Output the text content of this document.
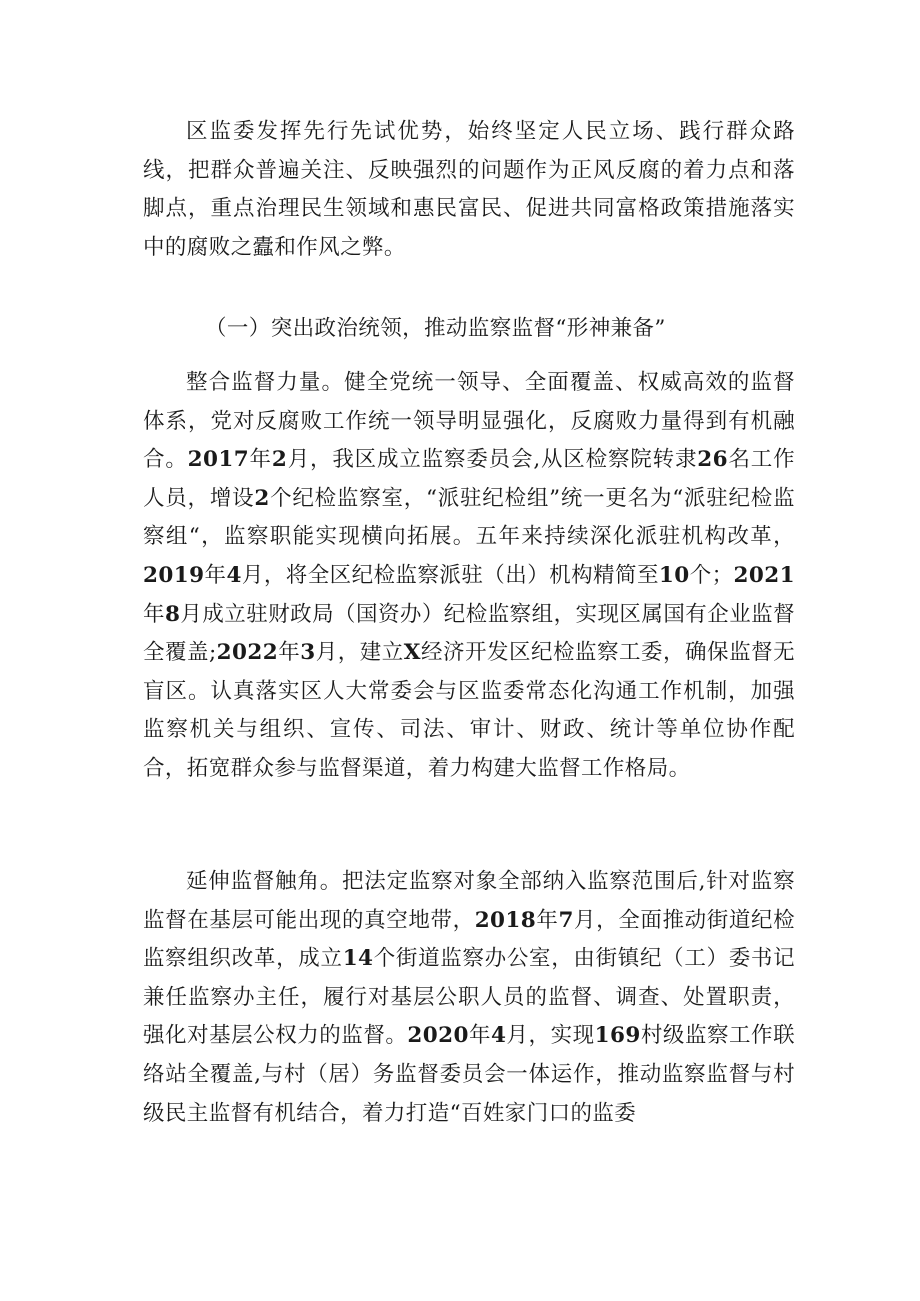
区监委发挥先行先试优势，始终坚定人民立场、践行群众路线，把群众普遍关注、反映强烈的问题作为正风反腐的着力点和落脚点，重点治理民生领域和惠民富民、促进共同富格政策措施落实中的腐败之蠹和作风之弊。

（一）突出政治统领，推动监察监督“形神兼备”

整合监督力量。健全党统一领导、全面覆盖、权威高效的监督体系，党对反腐败工作统一领导明显强化，反腐败力量得到有机融合。2017年2月，我区成立监察委员会,从区检察院转隶26名工作人员，增设2个纪检监察室，“派驻纪检组”统一更名为“派驻纪检监察组“，监察职能实现横向拓展。五年来持续深化派驻机构改革，2019年4月，将全区纪检监察派驻（出）机构精简至10个；2021年8月成立驻财政局（国资办）纪检监察组，实现区属国有企业监督全覆盖;2022年3月，建立X经济开发区纪检监察工委，确保监督无盲区。认真落实区人大常委会与区监委常态化沟通工作机制，加强监察机关与组织、宣传、司法、审计、财政、统计等单位协作配合，拓宽群众参与监督渠道，着力构建大监督工作格局。

延伸监督触角。把法定监察对象全部纳入监察范围后,针对监察监督在基层可能出现的真空地带，2018年7月，全面推动街道纪检监察组织改革，成立14个街道监察办公室，由街镇纪（工）委书记兼任监察办主任，履行对基层公职人员的监督、调查、处置职责，强化对基层公权力的监督。2020年4月，实现169村级监察工作联络站全覆盖,与村（居）务监督委员会一体运作，推动监察监督与村级民主监督有机结合，着力打造“百姓家门口的监委
